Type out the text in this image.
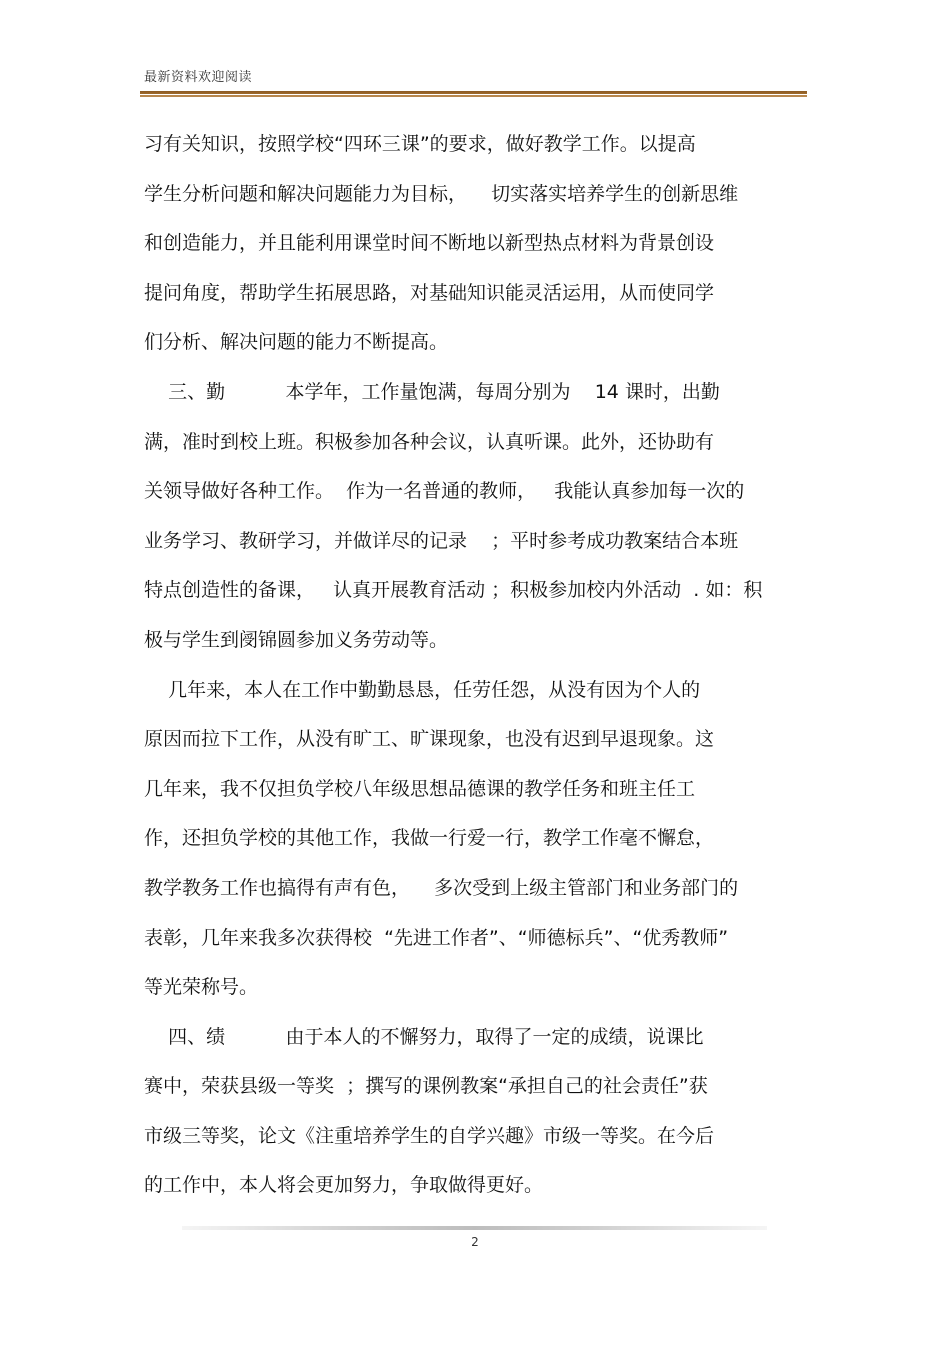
最新资料欢迎阅读
习有关知识，按照学校“四环三课”的要求，做好教学工作。以提高
学生分析问题和解决问题能力为目标，    切实落实培养学生的创新思维
和创造能力，并且能利用课堂时间不断地以新型热点材料为背景创设
提问角度，帮助学生拓展思路，对基础知识能灵活运用，从而使同学
们分析、解决问题的能力不断提高。
三、勤          本学年，工作量饱满，每周分别为    14 课时，出勤
满，准时到校上班。积极参加各种会议，认真听课。此外，还协助有
关领导做好各种工作。  作为一名普通的教师，   我能认真参加每一次的
业务学习、教研学习，并做详尽的记录    ；平时参考成功教案结合本班
特点创造性的备课，   认真开展教育活动 ；积极参加校内外活动  . 如：积
极与学生到阌锦圆参加义务劳动等。
几年来，本人在工作中勤勤恳恳，任劳任怨，从没有因为个人的
原因而拉下工作，从没有旷工、旷课现象，也没有迟到早退现象。这
几年来，我不仅担负学校八年级思想品德课的教学任务和班主任工
作，还担负学校的其他工作，我做一行爱一行，教学工作毫不懈怠，
教学教务工作也搞得有声有色，    多次受到上级主管部门和业务部门的
表彰，几年来我多次获得校  “先进工作者”、“师德标兵”、“优秀教师”
等光荣称号。
四、绩          由于本人的不懈努力，取得了一定的成绩，说课比
赛中，荣获县级一等奖  ；撰写的课例教案“承担自己的社会责任”获
市级三等奖，论文《注重培养学生的自学兴趣》市级一等奖。在今后
的工作中，本人将会更加努力，争取做得更好。
2
